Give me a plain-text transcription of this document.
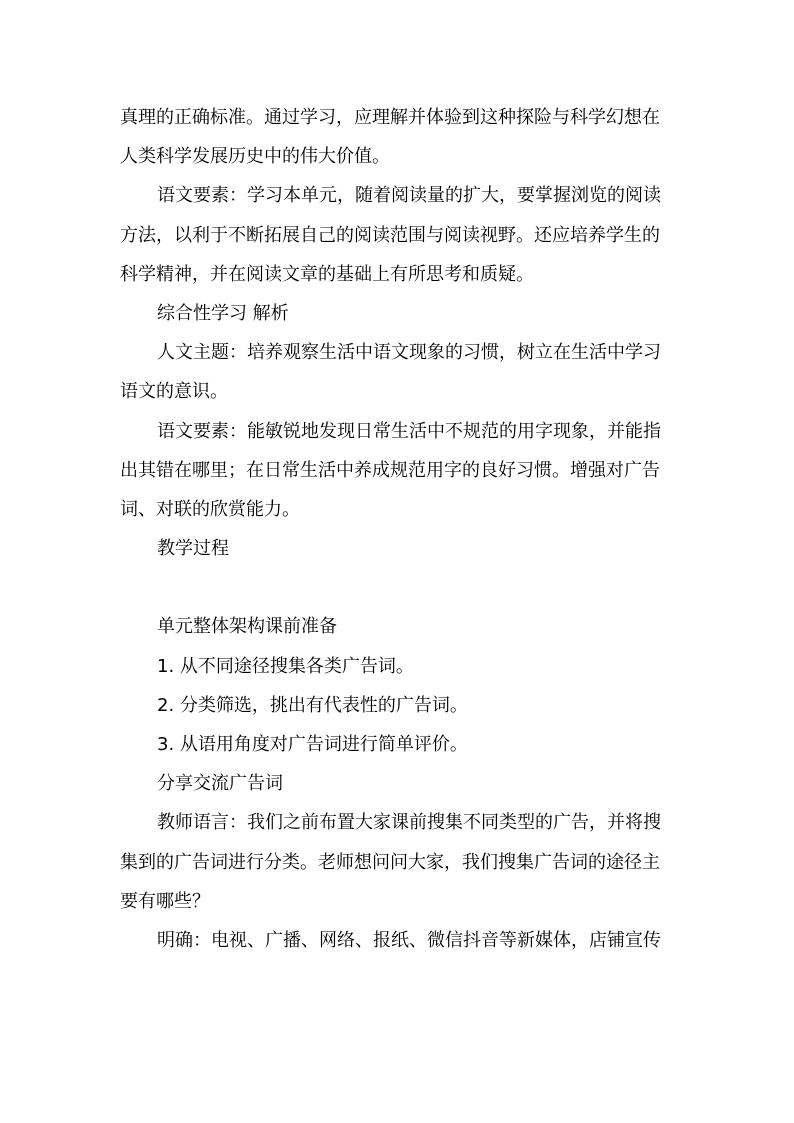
真理的正确标准。通过学习，应理解并体验到这种探险与科学幻想在
人类科学发展历史中的伟大价值。
语文要素：学习本单元，随着阅读量的扩大，要掌握浏览的阅读
方法，以利于不断拓展自己的阅读范围与阅读视野。还应培养学生的
科学精神，并在阅读文章的基础上有所思考和质疑。
综合性学习 解析
人文主题：培养观察生活中语文现象的习惯，树立在生活中学习
语文的意识。
语文要素：能敏锐地发现日常生活中不规范的用字现象，并能指
出其错在哪里；在日常生活中养成规范用字的良好习惯。增强对广告
词、对联的欣赏能力。
教学过程
单元整体架构课前准备
1. 从不同途径搜集各类广告词。
2. 分类筛选，挑出有代表性的广告词。
3. 从语用角度对广告词进行简单评价。
分享交流广告词
教师语言：我们之前布置大家课前搜集不同类型的广告，并将搜
集到的广告词进行分类。老师想问问大家，我们搜集广告词的途径主
要有哪些？
明确：电视、广播、网络、报纸、微信抖音等新媒体，店铺宣传
